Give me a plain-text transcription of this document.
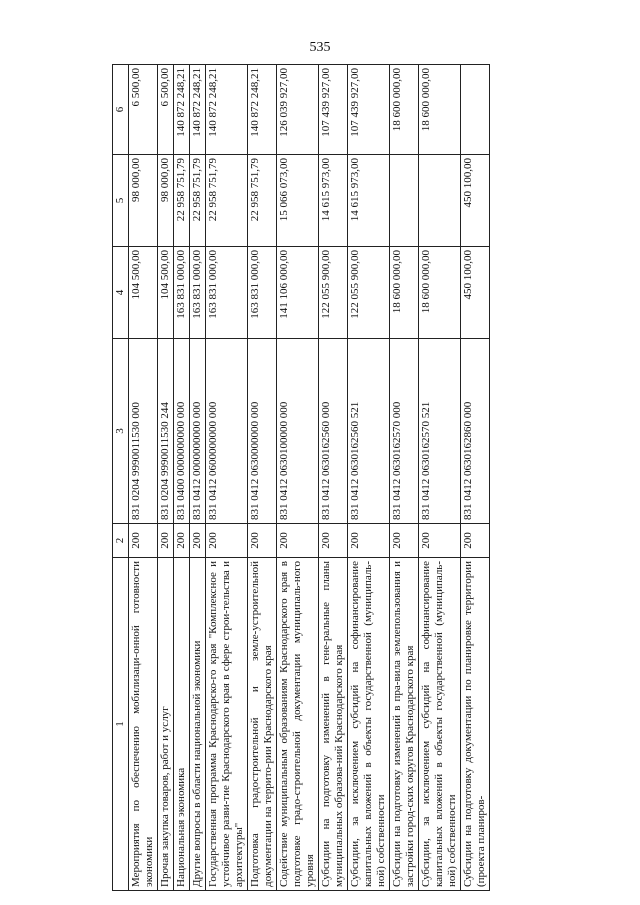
535
1	2	3	4	5	6
Мероприятия по обеспечению мобилизаци-онной готовности экономики	200	831 0204 9990011530 000	104 500,00	98 000,00	6 500,00
Прочая закупка товаров, работ и услуг	200	831 0204 9990011530 244	104 500,00	98 000,00	6 500,00
Национальная экономика	200	831 0400 0000000000 000	163 831 000,00	22 958 751,79	140 872 248,21
Другие вопросы в области национальной экономики	200	831 0412 0000000000 000	163 831 000,00	22 958 751,79	140 872 248,21
Государственная программа Краснодарско-го края "Комплексное и устойчивое разви-тие Краснодарского края в сфере строи-тельства и архитектуры"	200	831 0412 0600000000 000	163 831 000,00	22 958 751,79	140 872 248,21
Подготовка градостроительной и земле-устроительной документации на террито-рии Краснодарского края	200	831 0412 0630000000 000	163 831 000,00	22 958 751,79	140 872 248,21
Содействие муниципальным образованиям Краснодарского края в подготовке градо-строительной документации муниципаль-ного уровня	200	831 0412 0630100000 000	141 106 000,00	15 066 073,00	126 039 927,00
Субсидии на подготовку изменений в гене-ральные планы муниципальных образова-ний Краснодарского края	200	831 0412 0630162560 000	122 055 900,00	14 615 973,00	107 439 927,00
Субсидии, за исключением субсидий на софинансирование капитальных вложений в объекты государственной (муниципаль-ной) собственности	200	831 0412 0630162560 521	122 055 900,00	14 615 973,00	107 439 927,00
Субсидии на подготовку изменений в пра-вила землепользования и застройки город-ских округов Краснодарского края	200	831 0412 0630162570 000	18 600 000,00		18 600 000,00
Субсидии, за исключением субсидий на софинансирование капитальных вложений в объекты государственной (муниципаль-ной) собственности	200	831 0412 0630162570 521	18 600 000,00		18 600 000,00
Субсидии на подготовку документации по планировке территории (проекта планиров-	200	831 0412 0630162860 000	450 100,00	450 100,00	
